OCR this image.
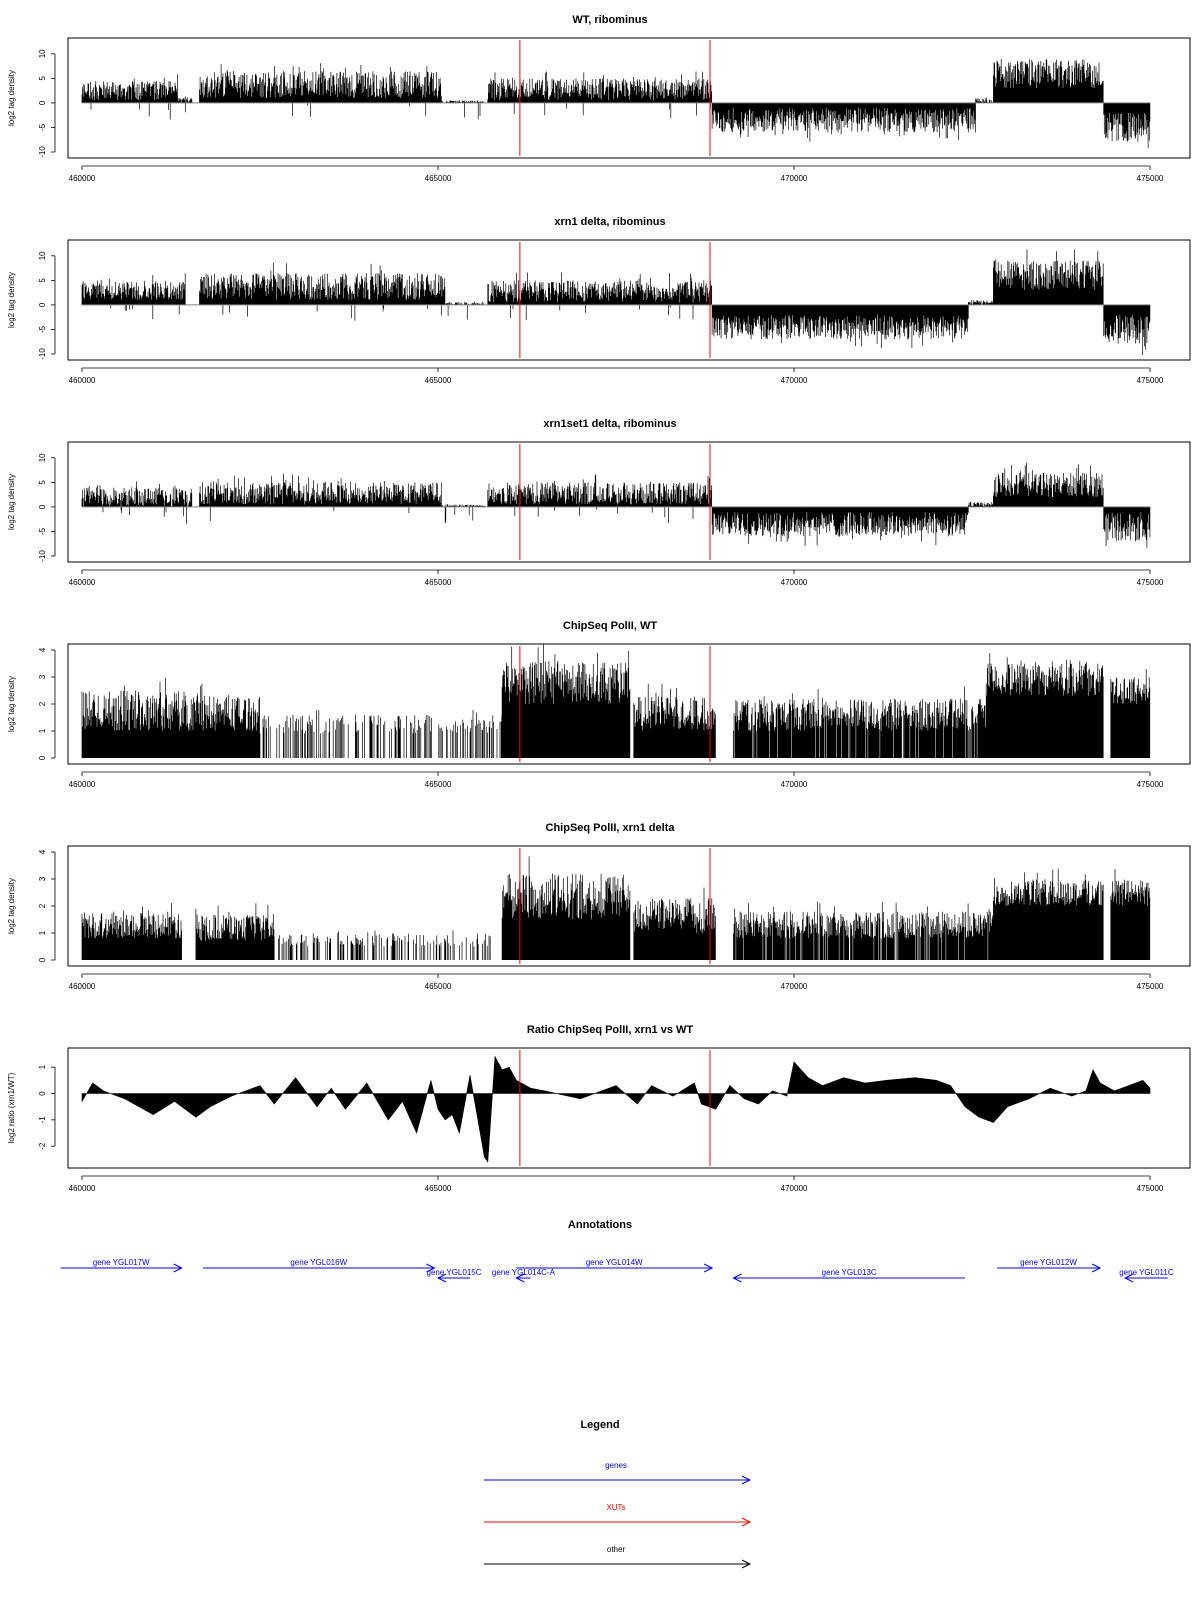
WT, ribominus
log2 tag density
10
5
0
-5
-10
460000	465000	470000	475000
xrn1 delta, ribominus
log2 tag density
10
5
0
-5
-10
460000	465000	470000	475000
xrn1set1 delta, ribominus
log2 tag density
10
5
0
-5
-10
460000	465000	470000	475000
ChipSeq PolII, WT
log2 tag density
4
3
2
1
0
460000	465000	470000	475000
ChipSeq PolII, xrn1 delta
log2 tag density
4
3
2
1
0
460000	465000	470000	475000
Ratio ChipSeq PolII, xrn1 vs WT
log2 ratio (xrn1/WT)
1
0
-1
-2
460000	465000	470000	475000
Annotations
gene YGL017W	gene YGL016W
gene YGL015C gene YGL014C-A
gene YGL014W
gene YGL013C
gene YGL012W
gene YGL011C
Legend
genes
XUTs
other
